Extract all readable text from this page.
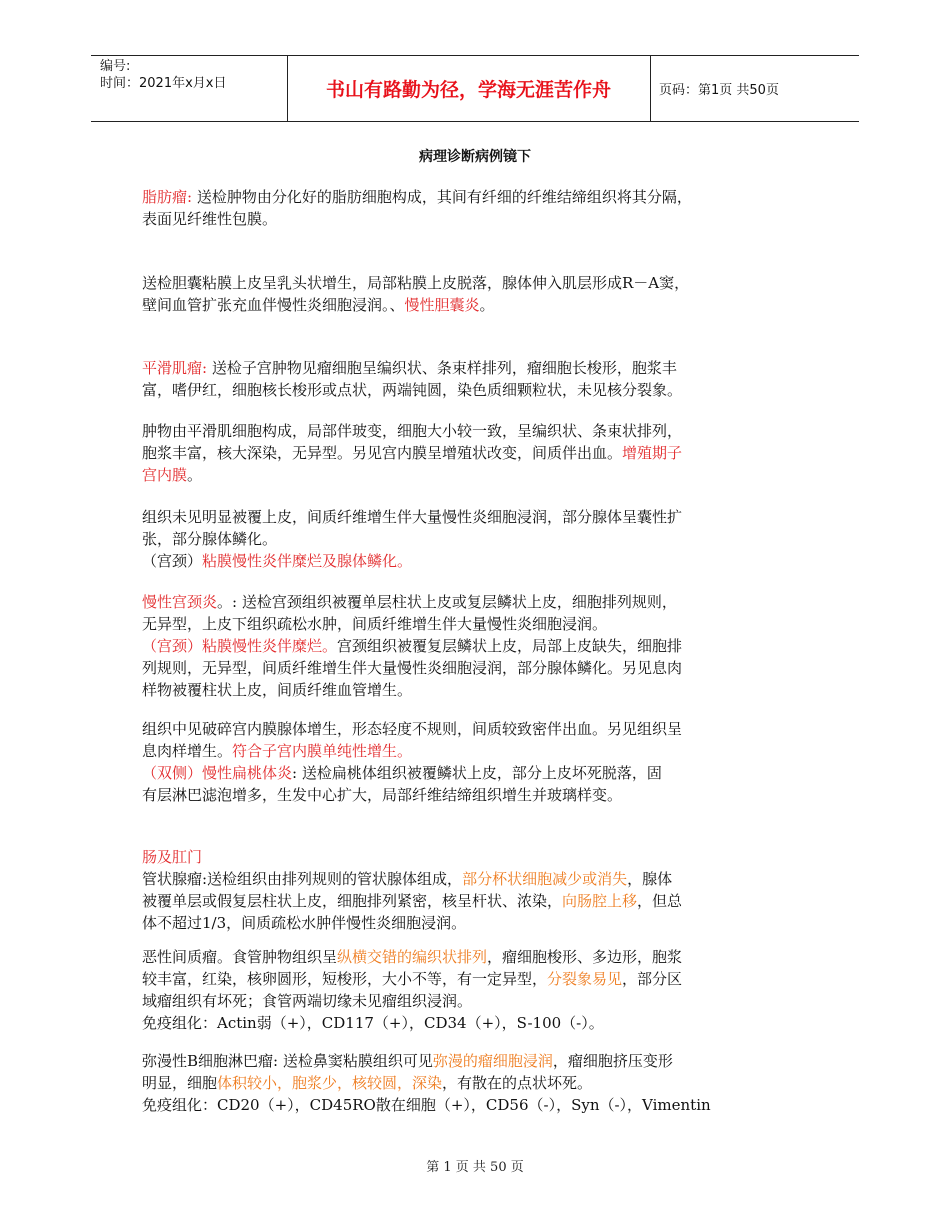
编号:
时间：2021年x月x日	书山有路勤为径，学海无涯苦作舟	页码：第1页 共50页
病理诊断病例镜下
脂肪瘤: 送检肿物由分化好的脂肪细胞构成，其间有纤细的纤维结缔组织将其分隔，
表面见纤维性包膜。
送检胆囊粘膜上皮呈乳头状增生，局部粘膜上皮脱落，腺体伸入肌层形成R－A窦，
壁间血管扩张充血伴慢性炎细胞浸润。、慢性胆囊炎。
平滑肌瘤: 送检子宫肿物见瘤细胞呈编织状、条束样排列，瘤细胞长梭形，胞浆丰
富，嗜伊红，细胞核长梭形或点状，两端钝圆，染色质细颗粒状，未见核分裂象。
肿物由平滑肌细胞构成，局部伴玻变，细胞大小较一致，呈编织状、条束状排列，
胞浆丰富，核大深染，无异型。另见宫内膜呈增殖状改变，间质伴出血。增殖期子
宫内膜。
组织未见明显被覆上皮，间质纤维增生伴大量慢性炎细胞浸润，部分腺体呈囊性扩
张，部分腺体鳞化。
（宫颈）粘膜慢性炎伴糜烂及腺体鳞化。
慢性宫颈炎。: 送检宫颈组织被覆单层柱状上皮或复层鳞状上皮，细胞排列规则，
无异型，上皮下组织疏松水肿，间质纤维增生伴大量慢性炎细胞浸润。
（宫颈）粘膜慢性炎伴糜烂。宫颈组织被覆复层鳞状上皮，局部上皮缺失，细胞排
列规则，无异型，间质纤维增生伴大量慢性炎细胞浸润，部分腺体鳞化。另见息肉
样物被覆柱状上皮，间质纤维血管增生。
组织中见破碎宫内膜腺体增生，形态轻度不规则，间质较致密伴出血。另见组织呈
息肉样增生。符合子宫内膜单纯性增生。
（双侧）慢性扁桃体炎: 送检扁桃体组织被覆鳞状上皮，部分上皮坏死脱落，固
有层淋巴滤泡增多，生发中心扩大，局部纤维结缔组织增生并玻璃样变。
肠及肛门
管状腺瘤:送检组织由排列规则的管状腺体组成，部分杯状细胞减少或消失，腺体
被覆单层或假复层柱状上皮，细胞排列紧密，核呈杆状、浓染，向肠腔上移，但总
体不超过1/3，间质疏松水肿伴慢性炎细胞浸润。
恶性间质瘤。食管肿物组织呈纵横交错的编织状排列，瘤细胞梭形、多边形，胞浆
较丰富，红染，核卵圆形，短梭形，大小不等，有一定异型，分裂象易见，部分区
域瘤组织有坏死；食管两端切缘未见瘤组织浸润。
免疫组化：Actin弱（+），CD117（+），CD34（+），S-100（-）。
弥漫性B细胞淋巴瘤: 送检鼻窦粘膜组织可见弥漫的瘤细胞浸润，瘤细胞挤压变形
明显，细胞体积较小，胞浆少，核较圆，深染，有散在的点状坏死。
免疫组化：CD20（+），CD45RO散在细胞（+），CD56（-），Syn（-），Vimentin
第 1 页 共 50 页
